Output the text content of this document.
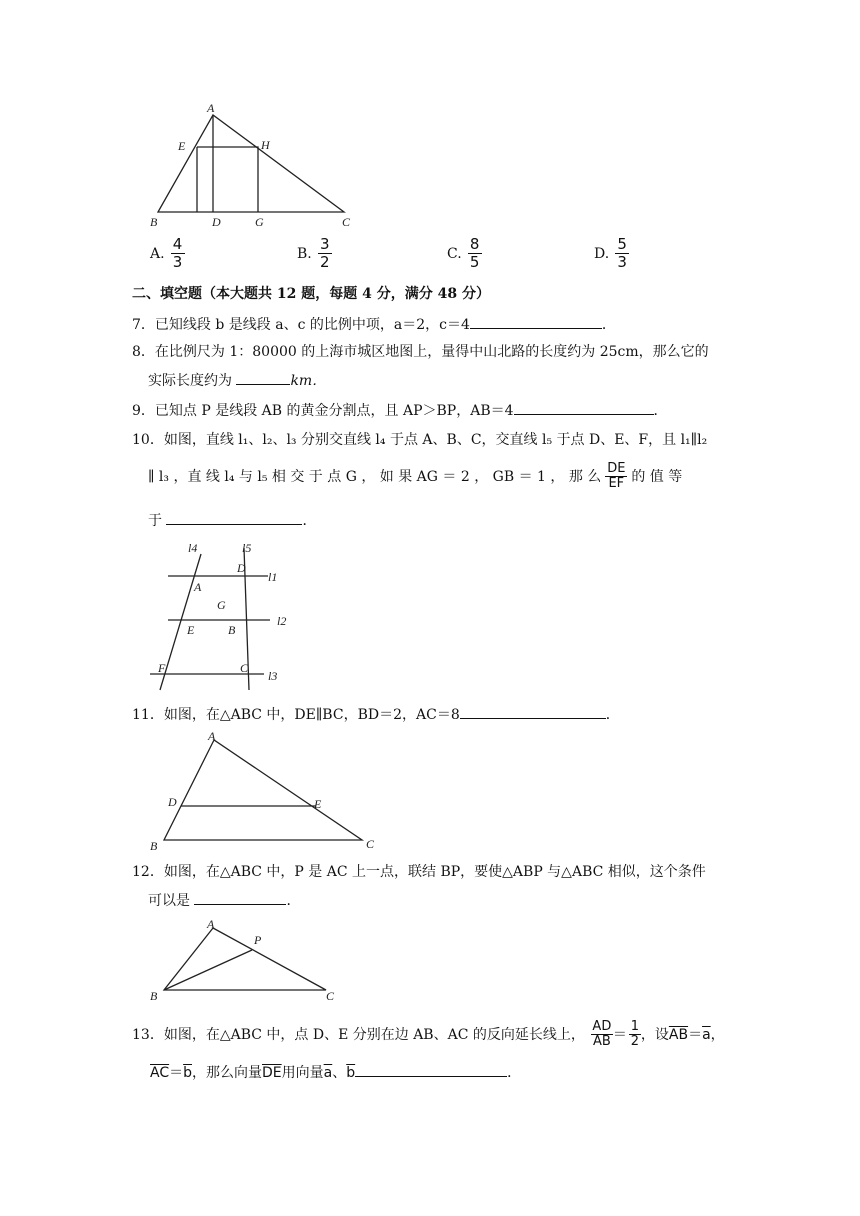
A
E	H
B	D	G	C
A. $\frac{4}{3}$	B. $\frac{3}{2}$	C. $\frac{8}{5}$	D. $\frac{5}{3}$
二、填空题（本大题共 12 题，每题 4 分，满分 48 分）
7．已知线段 b 是线段 a、c 的比例中项，a＝2，c＝4	．
8．在比例尺为 1：80000 的上海市城区地图上，量得中山北路的长度约为 25cm，那么它的
实际长度约为	km．
9．已知点 P 是线段 AB 的黄金分割点，且 AP＞BP，AB＝4	．
10．如图，直线 l₁、l₂、l₃ 分别交直线 l₄ 于点 A、B、C，交直线 l₅ 于点 D、E、F，且 l₁∥l₂
∥ l₃ ，直 线 l₄ 与 l₅ 相 交 于 点 G ， 如 果 AG ＝ 2 ， GB ＝ 1 ， 那 么 $\frac{DE}{EF}$ 的 值 等
于	．
l4	l5
D
l1
A
G
l2
E	B
F	C
l3
11．如图，在△ABC 中，DE∥BC，BD＝2，AC＝8	．
A
D	E
B	C
12．如图，在△ABC 中，P 是 AC 上一点，联结 BP，要使△ABP 与△ABC 相似，这个条件
可以是	．
A
P
B	C
13．如图，在△ABC 中，点 D、E 分别在边 AB、AC 的反向延长线上， $\frac{AD}{AB} = \frac{1}{2}$ ，设 $\overline{AB} = \overline{a}$ ，
$\overline{AC}=\overline{b}$，那么向量$\overline{DE}$用向量$\overline{a}$、$\overline{b}$	．
